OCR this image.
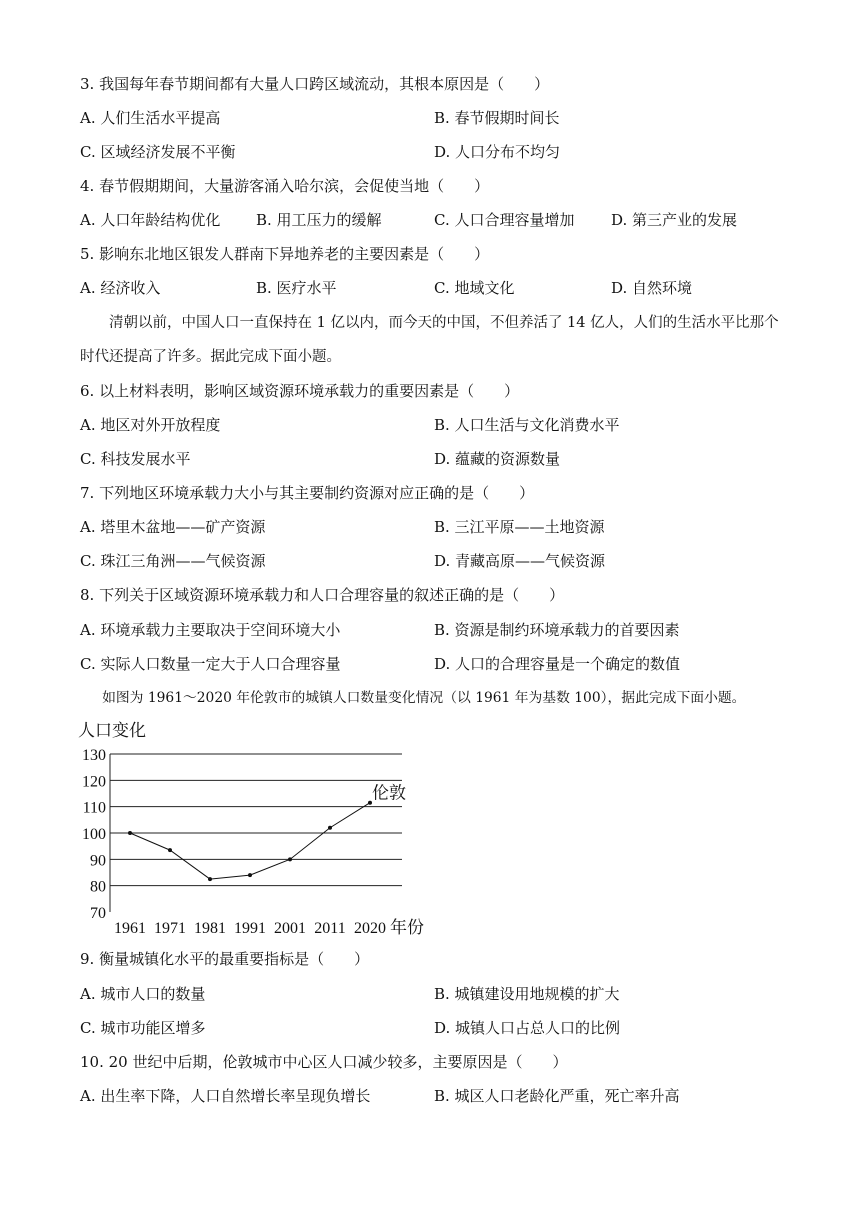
3. 我国每年春节期间都有大量人口跨区域流动，其根本原因是（　　）
A. 人们生活水平提高	B. 春节假期时间长
C. 区域经济发展不平衡	D. 人口分布不均匀
4. 春节假期期间，大量游客涌入哈尔滨，会促使当地（　　）
A. 人口年龄结构优化 B. 用工压力的缓解	C. 人口合理容量增加 D. 第三产业的发展
5. 影响东北地区银发人群南下异地养老的主要因素是（　　）
A. 经济收入	B. 医疗水平	C. 地域文化	D. 自然环境
清朝以前，中国人口一直保持在 1 亿以内，而今天的中国，不但养活了 14 亿人，人们的生活水平比那个时代还提高了许多。据此完成下面小题。
6. 以上材料表明，影响区域资源环境承载力的重要因素是（　　）
A. 地区对外开放程度	B. 人口生活与文化消费水平
C. 科技发展水平	D. 蕴藏的资源数量
7. 下列地区环境承载力大小与其主要制约资源对应正确的是（　　）
A. 塔里木盆地——矿产资源	B. 三江平原——土地资源
C. 珠江三角洲——气候资源	D. 青藏高原——气候资源
8. 下列关于区域资源环境承载力和人口合理容量的叙述正确的是（　　）
A. 环境承载力主要取决于空间环境大小	B. 资源是制约环境承载力的首要因素
C. 实际人口数量一定大于人口合理容量	D. 人口的合理容量是一个确定的数值
如图为 1961～2020 年伦敦市的城镇人口数量变化情况（以 1961 年为基数 100），据此完成下面小题。
人口变化
130
120
110
100
90
80
70
1961 1971 1981 1991 2001 2011 2020
伦敦
年份
9. 衡量城镇化水平的最重要指标是（　　）
A. 城市人口的数量	B. 城镇建设用地规模的扩大
C. 城市功能区增多	D. 城镇人口占总人口的比例
10. 20 世纪中后期，伦敦城市中心区人口减少较多，主要原因是（　　）
A. 出生率下降，人口自然增长率呈现负增长	B. 城区人口老龄化严重，死亡率升高
